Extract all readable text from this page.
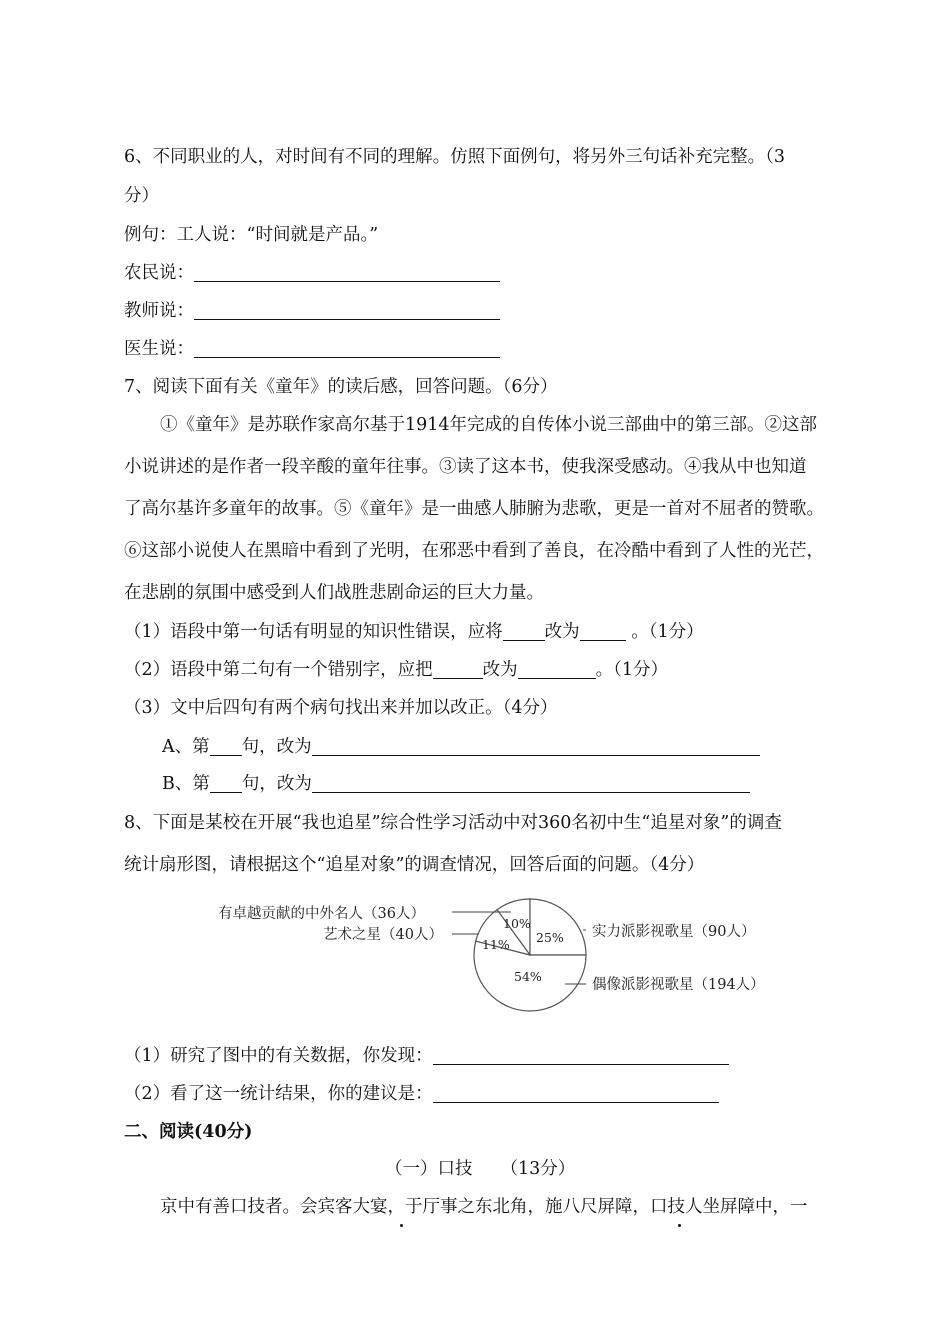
6、不同职业的人，对时间有不同的理解。仿照下面例句，将另外三句话补充完整。（3
分）
例句：工人说：“时间就是产品。”
农民说：
教师说：
医生说：
7、阅读下面有关《童年》的读后感，回答问题。（6分）
①《童年》是苏联作家高尔基于1914年完成的自传体小说三部曲中的第三部。②这部
小说讲述的是作者一段辛酸的童年往事。③读了这本书，使我深受感动。④我从中也知道
了高尔基许多童年的故事。⑤《童年》是一曲感人肺腑为悲歌，更是一首对不屈者的赞歌。
⑥这部小说使人在黑暗中看到了光明，在邪恶中看到了善良，在冷酷中看到了人性的光芒，
在悲剧的氛围中感受到人们战胜悲剧命运的巨大力量。
（1）语段中第一句话有明显的知识性错误，应将 改为	。（1分）
（2）语段中第二句有一个错别字，应把	改为	。（1分）
（3）文中后四句有两个病句找出来并加以改正。（4分）
A、第 句，改为
B、第 句，改为
8、下面是某校在开展“我也追星”综合性学习活动中对360名初中生“追星对象”的调查
统计扇形图，请根据这个“追星对象”的调查情况，回答后面的问题。（4分）
有卓越贡献的中外名人（36人）
艺术之星（40人）	实力派影视歌星（90人）
偶像派影视歌星（194人）
10%
11% 25%
54%
（1）研究了图中的有关数据，你发现：
（2）看了这一统计结果，你的建议是：
二、阅读(40分)
（一）口技 （13分）
京中有善口技者。会宾客大宴，于厅事之东北角，施八尺屏障，口技人坐屏障中，一
